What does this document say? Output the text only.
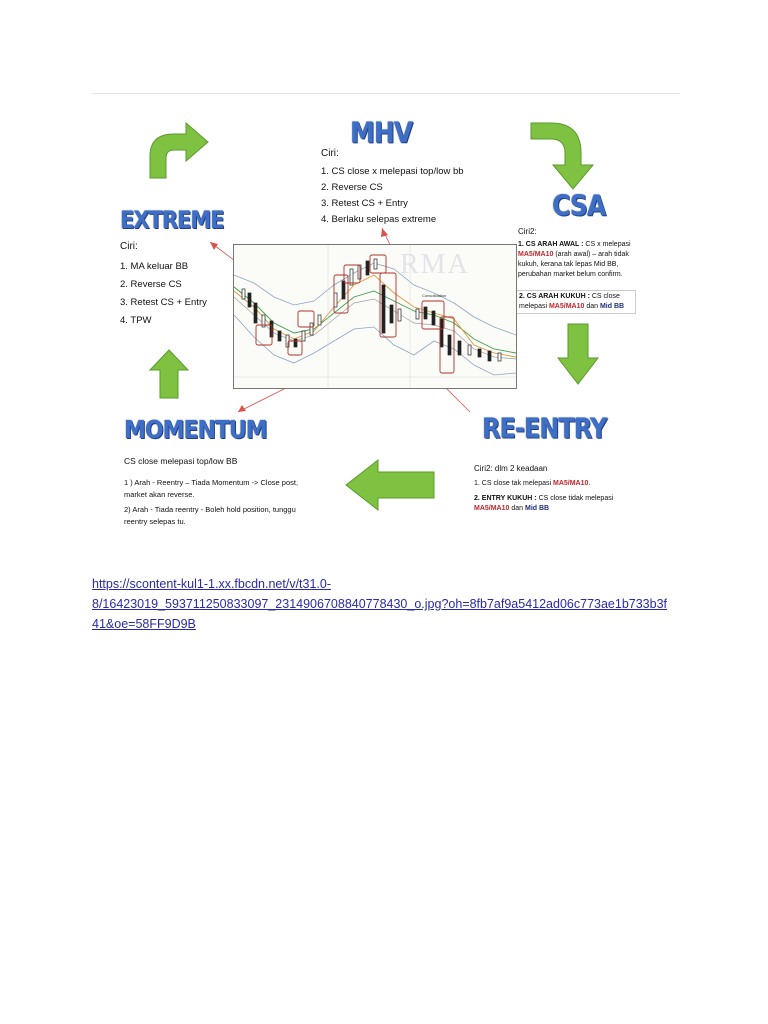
MHV
Ciri:
1. CS close x melepasi top/low bb
2. Reverse CS
3. Retest CS + Entry
4. Berlaku selepas extreme
EXTREME
Ciri:
1. MA keluar BB
2. Reverse CS
3. Retest CS + Entry
4. TPW
CSA
Ciri2:
1. CS ARAH AWAL : CS x melepasi MA5/MA10 (arah awal) – arah tidak kukuh, kerana tak lepas Mid BB, perubahan market belum confirm.
2. CS ARAH KUKUH : CS close melepasi MA5/MA10 dan Mid BB
MOMENTUM
CS close melepasi top/low BB
1 ) Arah - Reentry – Tiada Momentum -> Close post, market akan reverse.
2) Arah - Tiada reentry - Boleh hold position, tunggu reentry selepas tu.
RE-ENTRY
Ciri2: dlm 2 keadaan
1. CS close tak melepasi MA5/MA10.
2. ENTRY KUKUH : CS close tidak melepasi MA5/MA10 dan Mid BB
RMA
Consolidation
https://scontent-kul1-1.xx.fbcdn.net/v/t31.0-
8/16423019_593711250833097_2314906708840778430_o.jpg?oh=8fb7af9a5412ad06c773ae1b733b3f
41&oe=58FF9D9B
